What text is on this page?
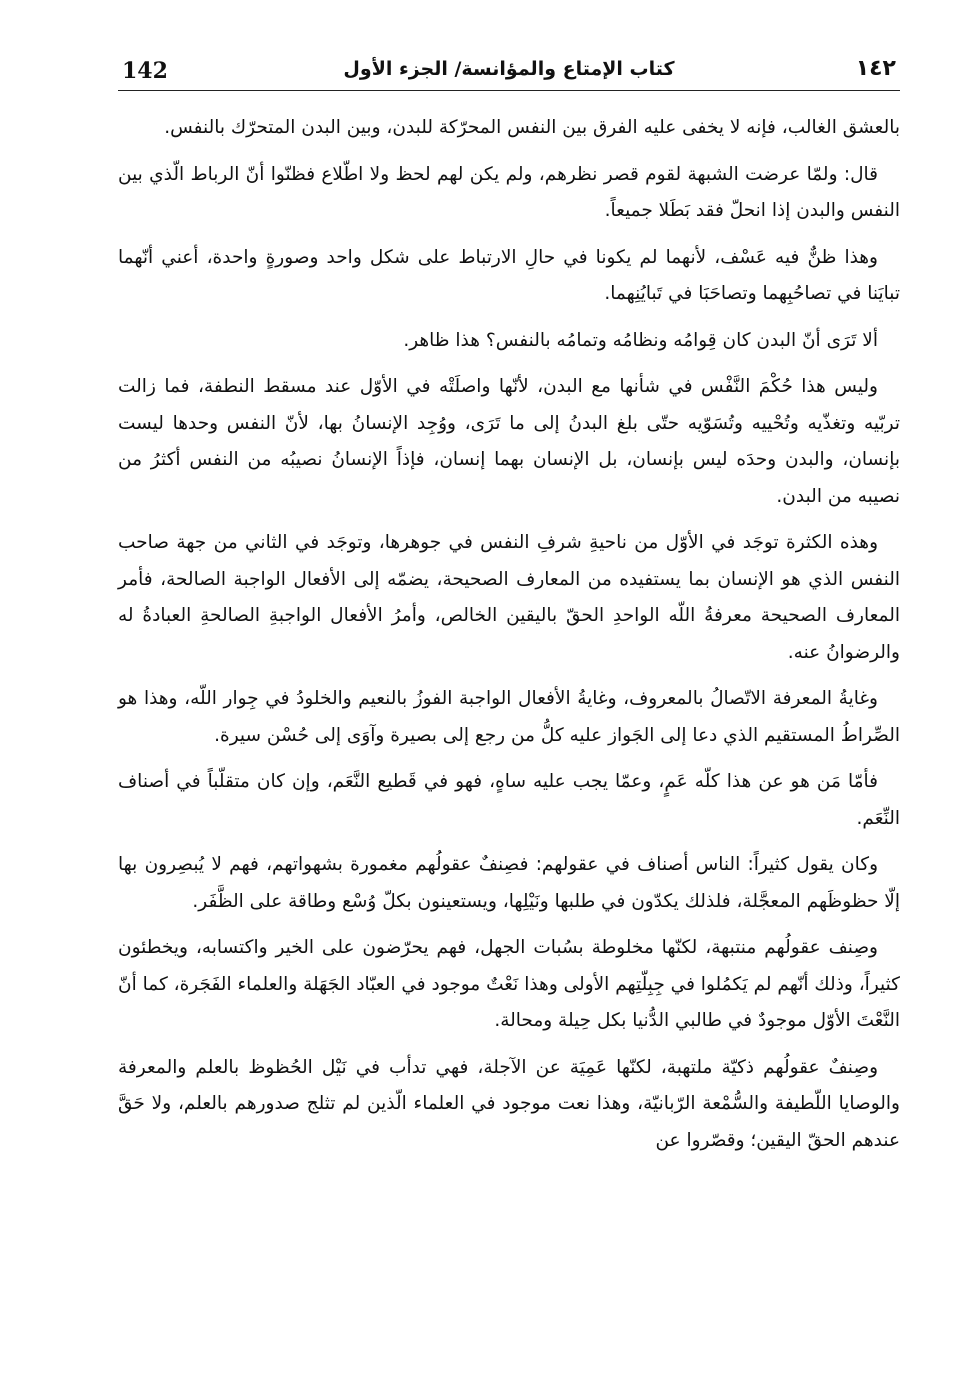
142	كتاب الإمتاع والمؤانسة/ الجزء الأول	١٤٢

بالعشق الغالب، فإنه لا يخفى عليه الفرق بين النفس المحرّكة للبدن، وبين البدن المتحرّك بالنفس.

قال: ولمّا عرضت الشبهة لقوم قصر نظرهم، ولم يكن لهم لحظ ولا اطّلاع فظنّوا أنّ الرباط الّذي بين النفس والبدن إذا انحلّ فقد بَطَلا جميعاً.

وهذا ظنٌّ فيه عَسْف، لأنهما لم يكونا في حالِ الارتباط على شكل واحد وصورةٍ واحدة، أعني أنّهما تبايَنا في تصاحُبِهما وتصاحَبَا في تَبايُنِهما.

ألا تَرَى أنّ البدن كان قِوامُه ونظامُه وتمامُه بالنفس؟ هذا ظاهر.

وليس هذا حُكْمَ النَّفْس في شأنها مع البدن، لأنّها واصلَتْه في الأوّل عند مسقط النطفة، فما زالت تربّيه وتغذّيه وتُحْييه وتُسَوّيه حتّى بلغ البدنُ إلى ما تَرَى، ووُجِد الإنسانُ بها، لأنّ النفس وحدها ليست بإنسان، والبدن وحدَه ليس بإنسان، بل الإنسان بهما إنسان، فإذاً الإنسانُ نصيبُه من النفس أكثرُ من نصيبه من البدن.

وهذه الكثرة توجَد في الأوّل من ناحيةِ شرفِ النفس في جوهرها، وتوجَد في الثاني من جهة صاحب النفس الذي هو الإنسان بما يستفيده من المعارف الصحيحة، يضمّه إلى الأفعال الواجبة الصالحة، فأمر المعارف الصحيحة معرفةُ اللّه الواحدِ الحقّ باليقين الخالص، وأمرُ الأفعال الواجبةِ الصالحةِ العبادةُ له والرضوانُ عنه.

وغايةُ المعرفة الاتّصالُ بالمعروف، وغايةُ الأفعال الواجبة الفوزُ بالنعيم والخلودُ في جِوار اللّه، وهذا هو الصِّراطُ المستقيم الذي دعا إلى الجَواز عليه كلُّ من رجع إلى بصيرة وآوَى إلى حُسْن سيرة.

فأمّا مَن هو عن هذا كلّه عَمٍ، وعمّا يجب عليه ساهٍ، فهو في قَطيع النَّعَم، وإن كان متقلّباً في أصناف النِّعَم.

وكان يقول كثيراً: الناس أصناف في عقولهم: فصِنفٌ عقولُهم مغمورة بشهواتهم، فهم لا يُبصِرون بها إلّا حظوظَهم المعجَّلة، فلذلك يكدّون في طلبها ونَيْلِها، ويستعينون بكلّ وُسْع وطاقة على الظَّفَر.

وصِنف عقولُهم منتبهة، لكنّها مخلوطة بسُبات الجهل، فهم يحرّضون على الخير واكتسابه، ويخطئون كثيراً، وذلك أنّهم لم يَكمُلوا في جِبِلّتِهم الأولى وهذا نَعْتٌ موجود في العبّاد الجَهَلة والعلماء الفَجَرة، كما أنّ النَّعْتَ الأوّل موجودٌ في طالبي الدُّنيا بكل حِيلة ومحالة.

وصِنفٌ عقولُهم ذكيّة ملتهبة، لكنّها عَمِيَة عن الآجلة، فهي تدأب في نَيْل الحُظوظ بالعلم والمعرفة والوصايا اللّطيفة والسُّمْعة الرّبانيّة، وهذا نعت موجود في العلماء الّذين لم تثلج صدورهم بالعلم، ولا حَقَّ عندهم الحقّ اليقين؛ وقصّروا عن
